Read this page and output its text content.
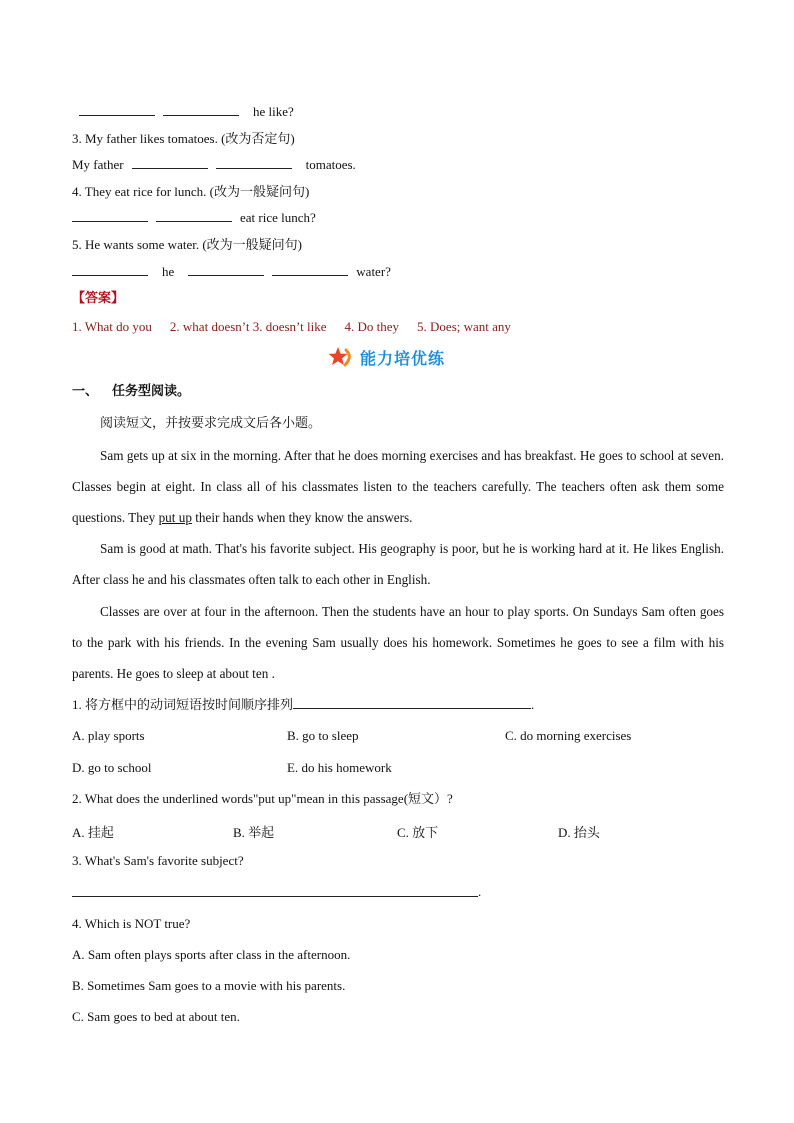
he like?
3. My father likes tomatoes. (改为否定句)
My father	tomatoes.
4. They eat rice for lunch. (改为一般疑问句)
eat rice lunch?
5. He wants some water. (改为一般疑问句)
he	water?
【答案】
1. What do you 2. what doesn’t 3. doesn’t like 4. Do they 5. Does; want any
能力培优练
一、 任务型阅读。
阅读短文，并按要求完成文后各小题。
Sam gets up at six in the morning. After that he does morning exercises and has breakfast. He goes to school at seven. Classes begin at eight. In class all of his classmates listen to the teachers carefully. The teachers often ask them some questions. They put up their hands when they know the answers.
Sam is good at math. That's his favorite subject. His geography is poor, but he is working hard at it. He likes English. After class he and his classmates often talk to each other in English.
Classes are over at four in the afternoon. Then the students have an hour to play sports. On Sundays Sam often goes to the park with his friends. In the evening Sam usually does his homework. Sometimes he goes to see a film with his parents. He goes to sleep at about ten .
1. 将方框中的动词短语按时间顺序排列	.
A. play sports	B. go to sleep	C. do morning exercises
D. go to school	E. do his homework
2. What does the underlined words"put up"mean in this passage(短文）?
A. 挂起	B. 举起	C. 放下	D. 抬头
3. What's Sam's favorite subject?
.
4. Which is NOT true?
A. Sam often plays sports after class in the afternoon.
B. Sometimes Sam goes to a movie with his parents.
C. Sam goes to bed at about ten.
